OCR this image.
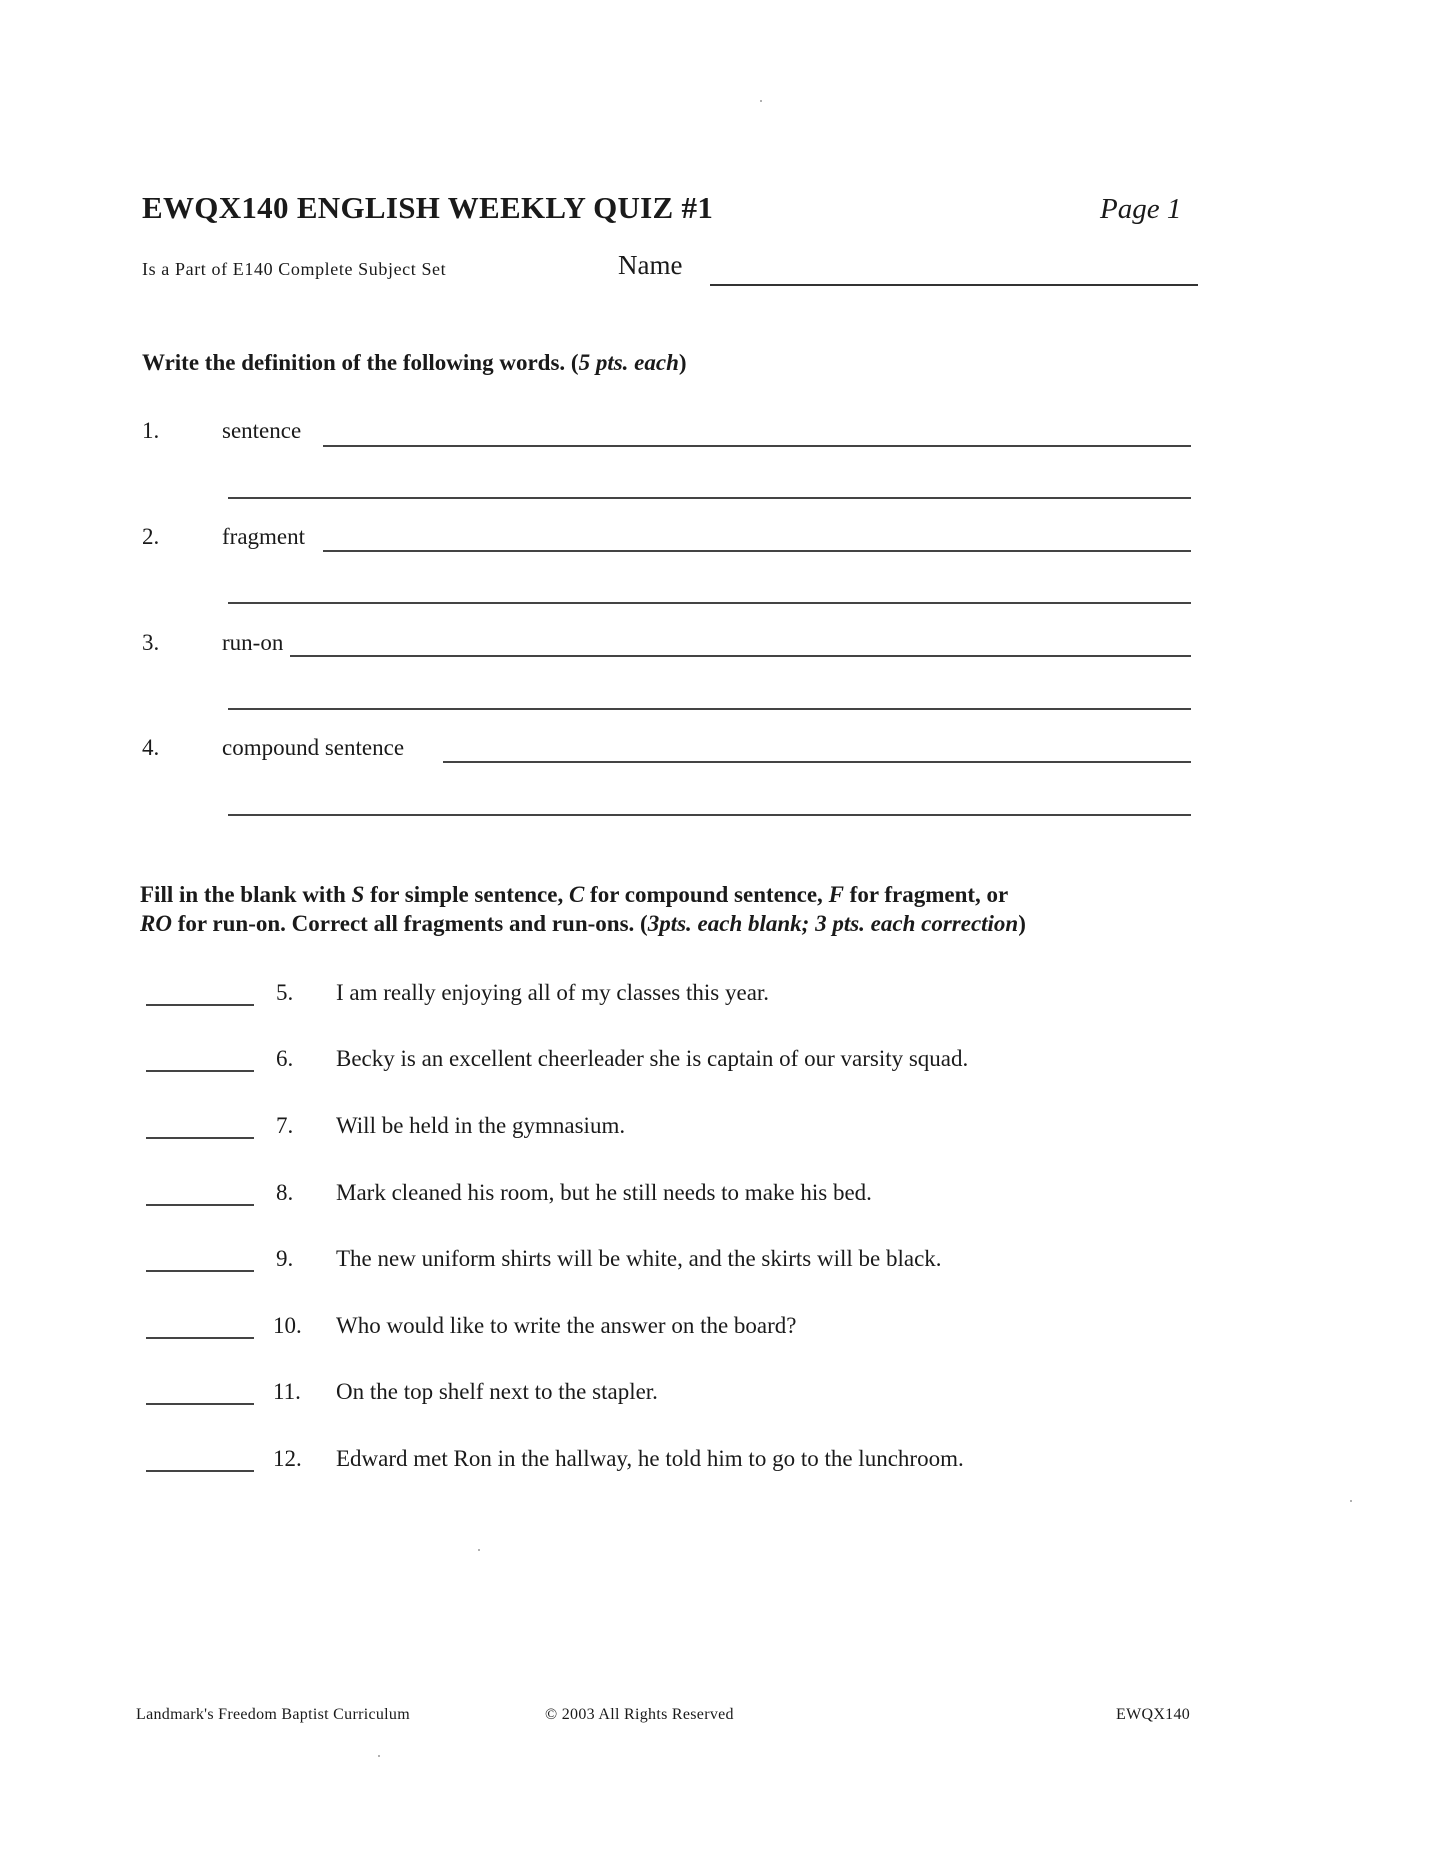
EWQX140 ENGLISH WEEKLY QUIZ #1	Page 1
Is a Part of E140 Complete Subject Set	Name
Write the definition of the following words. (5 pts. each)
1.	sentence
2.	fragment
3.	run-on
4.	compound sentence
Fill in the blank with S for simple sentence, C for compound sentence, F for fragment, or
RO for run-on. Correct all fragments and run-ons. (3pts. each blank; 3 pts. each correction)
5. I am really enjoying all of my classes this year.
6. Becky is an excellent cheerleader she is captain of our varsity squad.
7. Will be held in the gymnasium.
8. Mark cleaned his room, but he still needs to make his bed.
9. The new uniform shirts will be white, and the skirts will be black.
10. Who would like to write the answer on the board?
11. On the top shelf next to the stapler.
12. Edward met Ron in the hallway, he told him to go to the lunchroom.
Landmark's Freedom Baptist Curriculum	© 2003 All Rights Reserved	EWQX140
